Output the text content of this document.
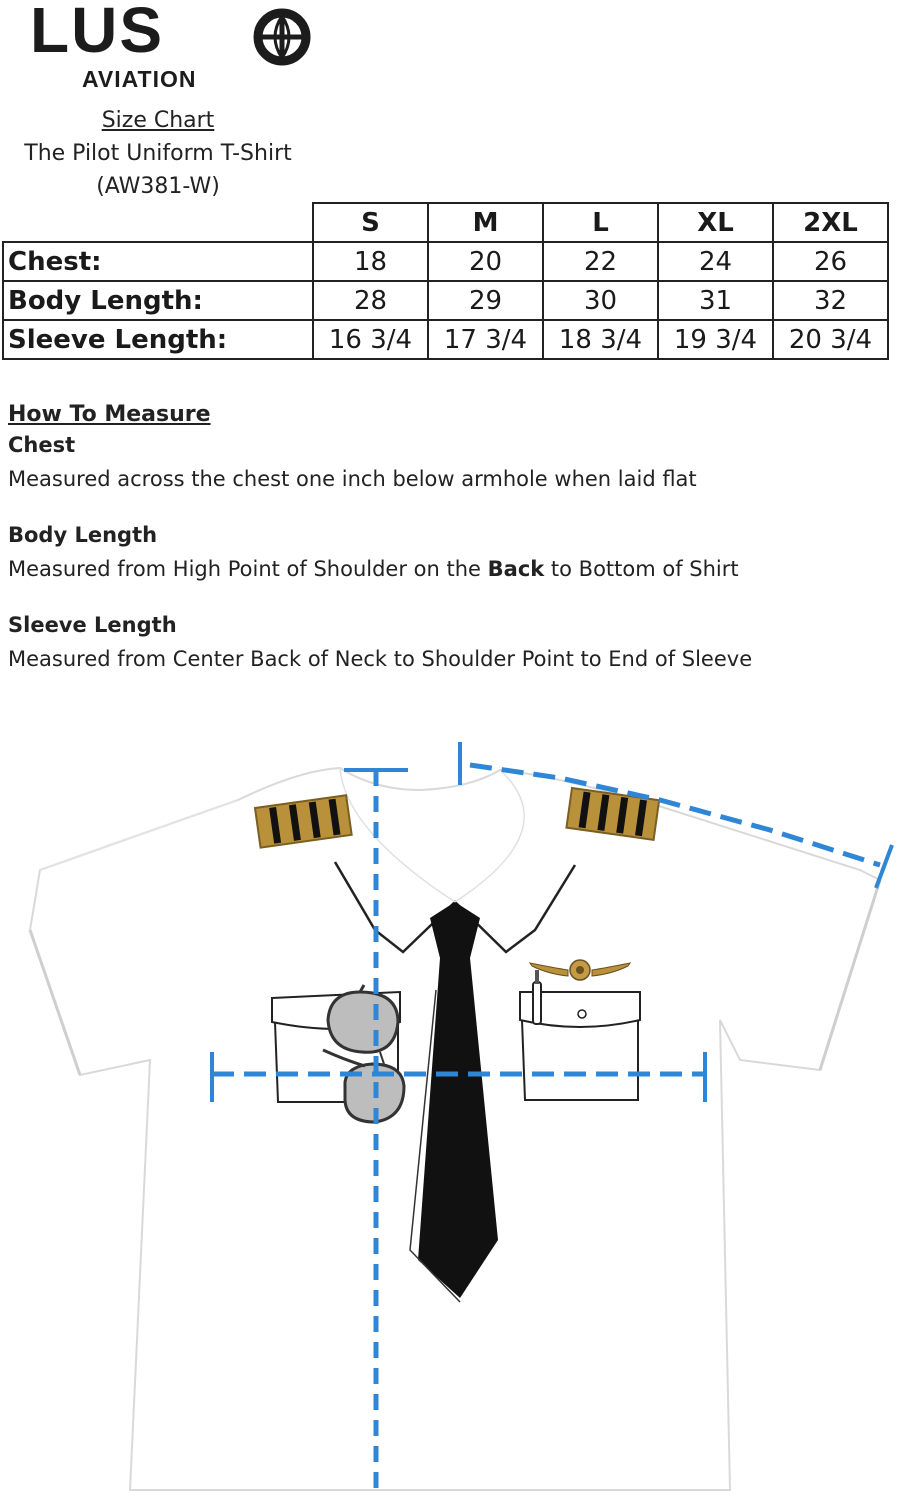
LUS
AVIATION
Size Chart
The Pilot Uniform T-Shirt
(AW381-W)
	S	M	L	XL	2XL
Chest:	18	20	22	24	26
Body Length:	28	29	30	31	32
Sleeve Length:	16 3/4	17 3/4	18 3/4	19 3/4	20 3/4
How To Measure
Chest
Measured across the chest one inch below armhole when laid flat
Body Length
Measured from High Point of Shoulder on the Back to Bottom of Shirt
Sleeve Length
Measured from Center Back of Neck to Shoulder Point to End of Sleeve
